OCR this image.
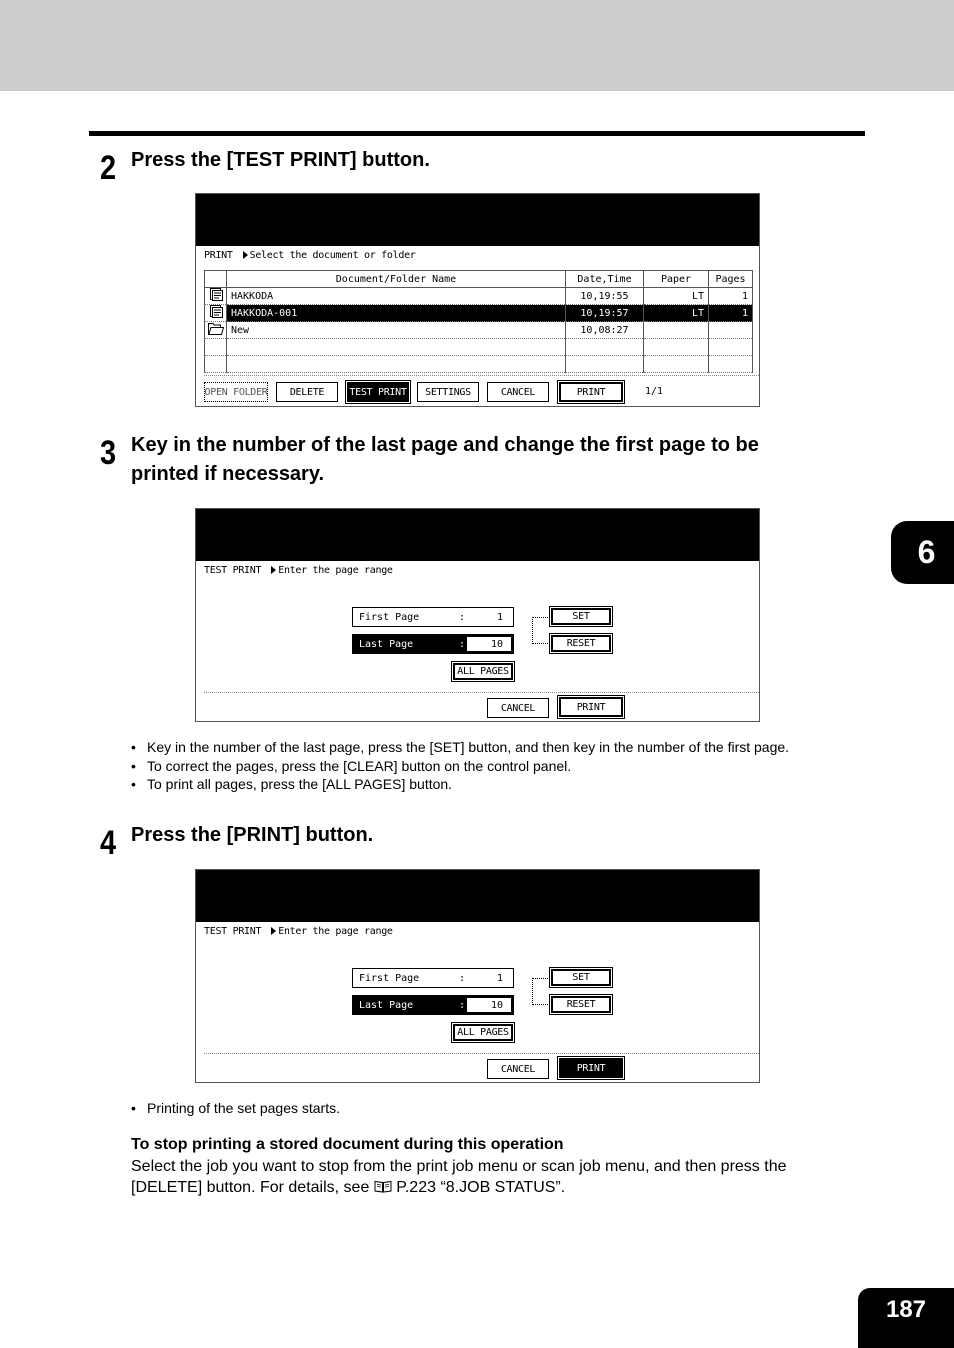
2 Press the [TEST PRINT] button.
PRINT Select the document or folder
	Document/Folder Name	Date,Time	Paper	Pages
	HAKKODA	10,19:55	LT	1
	HAKKODA-001	10,19:57	LT	1
	New	10,08:27		

OPEN FOLDER	DELETE	TEST PRINT	SETTINGS	CANCEL	PRINT	1/1
3 Key in the number of the last page and change the first page to be
printed if necessary.
TEST PRINT Enter the page range
First Page	:	1
Last Page	:	10
SET
RESET
ALL PAGES
CANCEL	PRINT
• Key in the number of the last page, press the [SET] button, and then key in the number of the first page.
• To correct the pages, press the [CLEAR] button on the control panel.
• To print all pages, press the [ALL PAGES] button.
4 Press the [PRINT] button.
TEST PRINT Enter the page range
First Page	:	1
Last Page	:	10
SET
RESET
ALL PAGES
CANCEL	PRINT
• Printing of the set pages starts.
To stop printing a stored document during this operation
Select the job you want to stop from the print job menu or scan job menu, and then press the
[DELETE] button. For details, see P.223 “8.JOB STATUS”.
6
187
